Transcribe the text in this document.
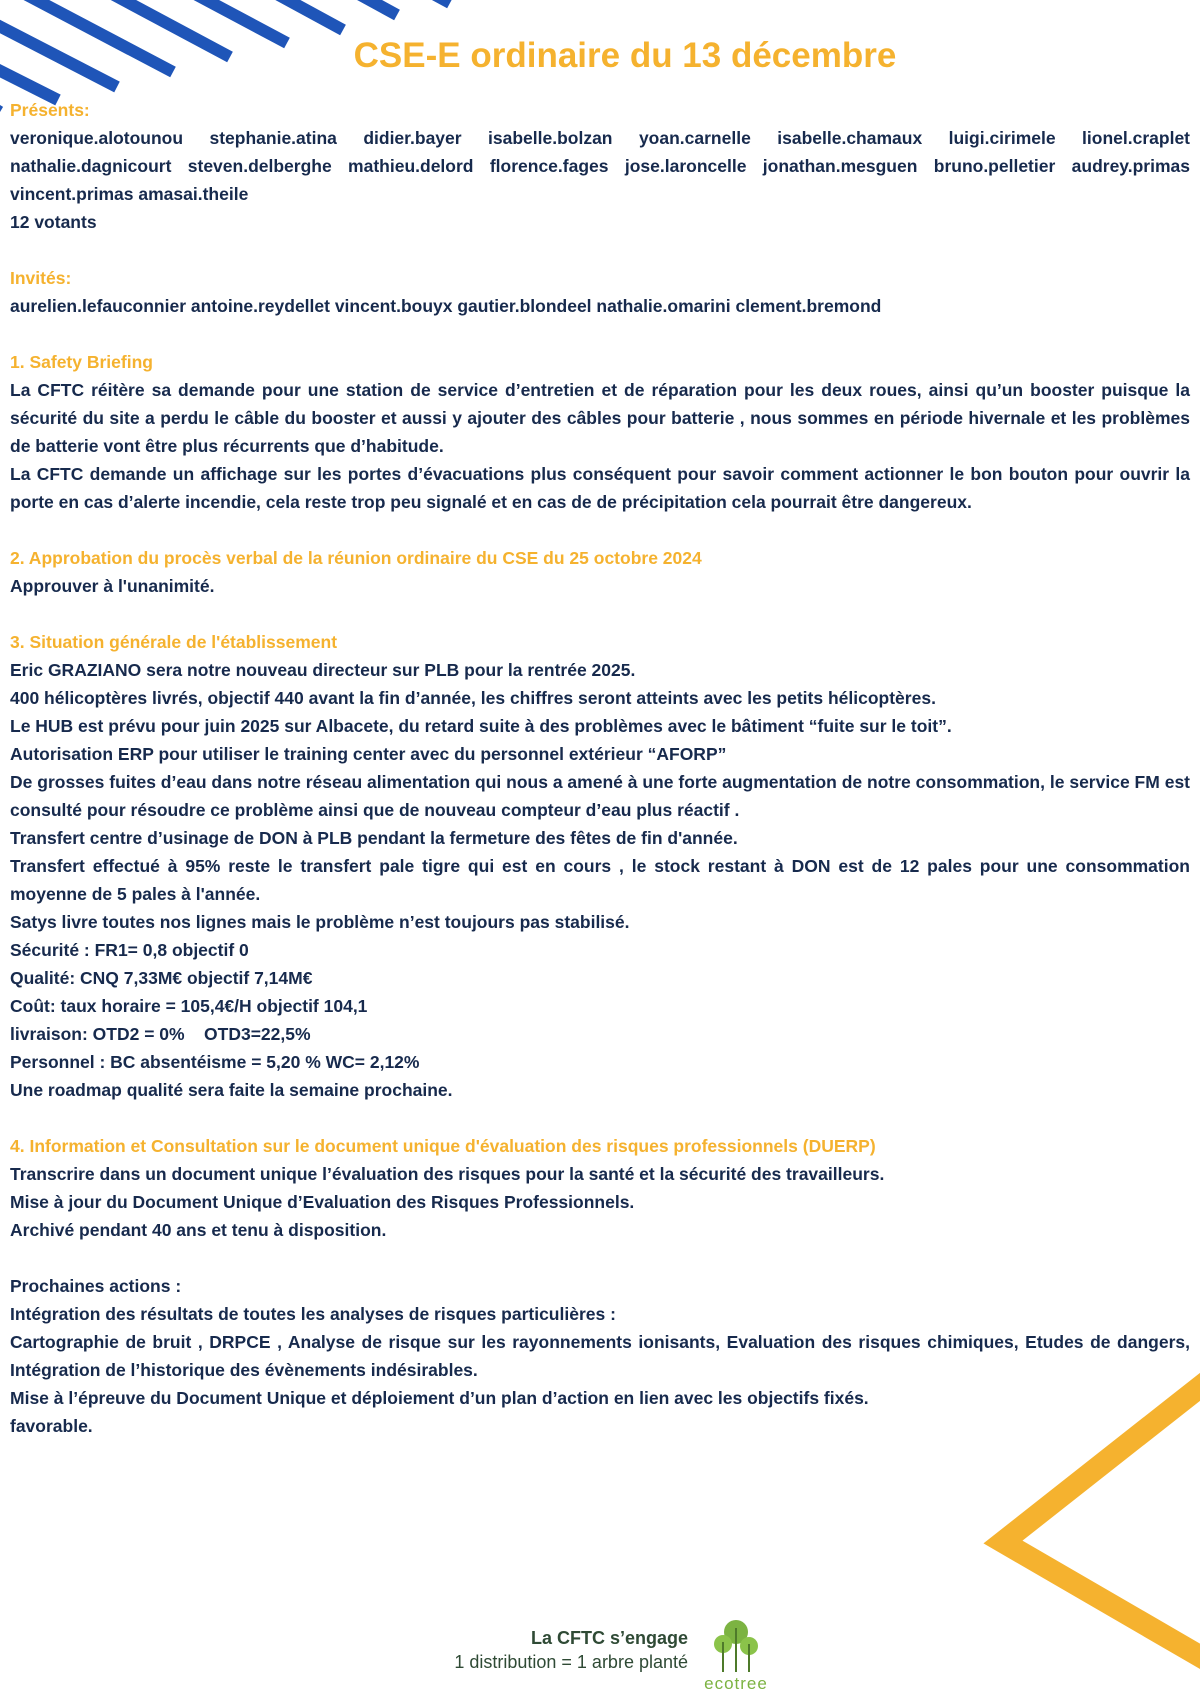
CSE-E ordinaire du 13 décembre
Présents:
veronique.alotounou stephanie.atina didier.bayer isabelle.bolzan yoan.carnelle isabelle.chamaux luigi.cirimele lionel.craplet nathalie.dagnicourt steven.delberghe mathieu.delord florence.fages jose.laroncelle jonathan.mesguen bruno.pelletier audrey.primas vincent.primas amasai.theile
12 votants
Invités:
aurelien.lefauconnier antoine.reydellet vincent.bouyx gautier.blondeel nathalie.omarini clement.bremond
1. Safety Briefing
La CFTC réitère sa demande pour une station de service d’entretien et de réparation pour les deux roues, ainsi qu’un booster puisque la sécurité du site a perdu le câble du booster et aussi y ajouter des câbles pour batterie , nous sommes en période hivernale et les problèmes de batterie vont être plus récurrents que d’habitude.
La CFTC demande un affichage sur les portes d’évacuations plus conséquent pour savoir comment actionner le bon bouton pour ouvrir la porte en cas d’alerte incendie, cela reste trop peu signalé et en cas de de précipitation cela pourrait être dangereux.
2. Approbation du procès verbal de la réunion ordinaire du CSE du 25 octobre 2024
Approuver à l'unanimité.
3. Situation générale de l'établissement
Eric GRAZIANO sera notre nouveau directeur sur PLB pour la rentrée 2025.
400 hélicoptères livrés, objectif 440 avant la fin d’année, les chiffres seront atteints avec les petits hélicoptères.
Le HUB est prévu pour juin 2025 sur Albacete, du retard suite à des problèmes avec le bâtiment “fuite sur le toit”.
Autorisation ERP pour utiliser le training center avec du personnel extérieur “AFORP”
De grosses fuites d’eau dans notre réseau alimentation qui nous a amené à une forte augmentation de notre consommation, le service FM est consulté pour résoudre ce problème ainsi que de nouveau compteur d’eau plus réactif .
Transfert centre d’usinage de DON à PLB pendant la fermeture des fêtes de fin d'année.
Transfert effectué à 95% reste le transfert pale tigre qui est en cours , le stock restant à DON est de 12 pales pour une consommation moyenne de 5 pales à l'année.
Satys livre toutes nos lignes mais le problème n’est toujours pas stabilisé.
Sécurité : FR1= 0,8 objectif 0
Qualité: CNQ 7,33M€ objectif 7,14M€
Coût: taux horaire = 105,4€/H objectif 104,1
livraison: OTD2 = 0%    OTD3=22,5%
Personnel : BC absentéisme = 5,20 % WC= 2,12%
Une roadmap qualité sera faite la semaine prochaine.
4. Information et Consultation sur le document unique d'évaluation des risques professionnels (DUERP)
Transcrire dans un document unique l’évaluation des risques pour la santé et la sécurité des travailleurs.
Mise à jour du Document Unique d’Evaluation des Risques Professionnels.
Archivé pendant 40 ans et tenu à disposition.
Prochaines actions :
Intégration des résultats de toutes les analyses de risques particulières :
Cartographie de bruit , DRPCE , Analyse de risque sur les rayonnements ionisants, Evaluation des risques chimiques, Etudes de dangers, Intégration de l’historique des évènements indésirables.
Mise à l’épreuve du Document Unique et déploiement d’un plan d’action en lien avec les objectifs fixés.
favorable.
La CFTC s’engage
1 distribution = 1 arbre planté
ecotree
